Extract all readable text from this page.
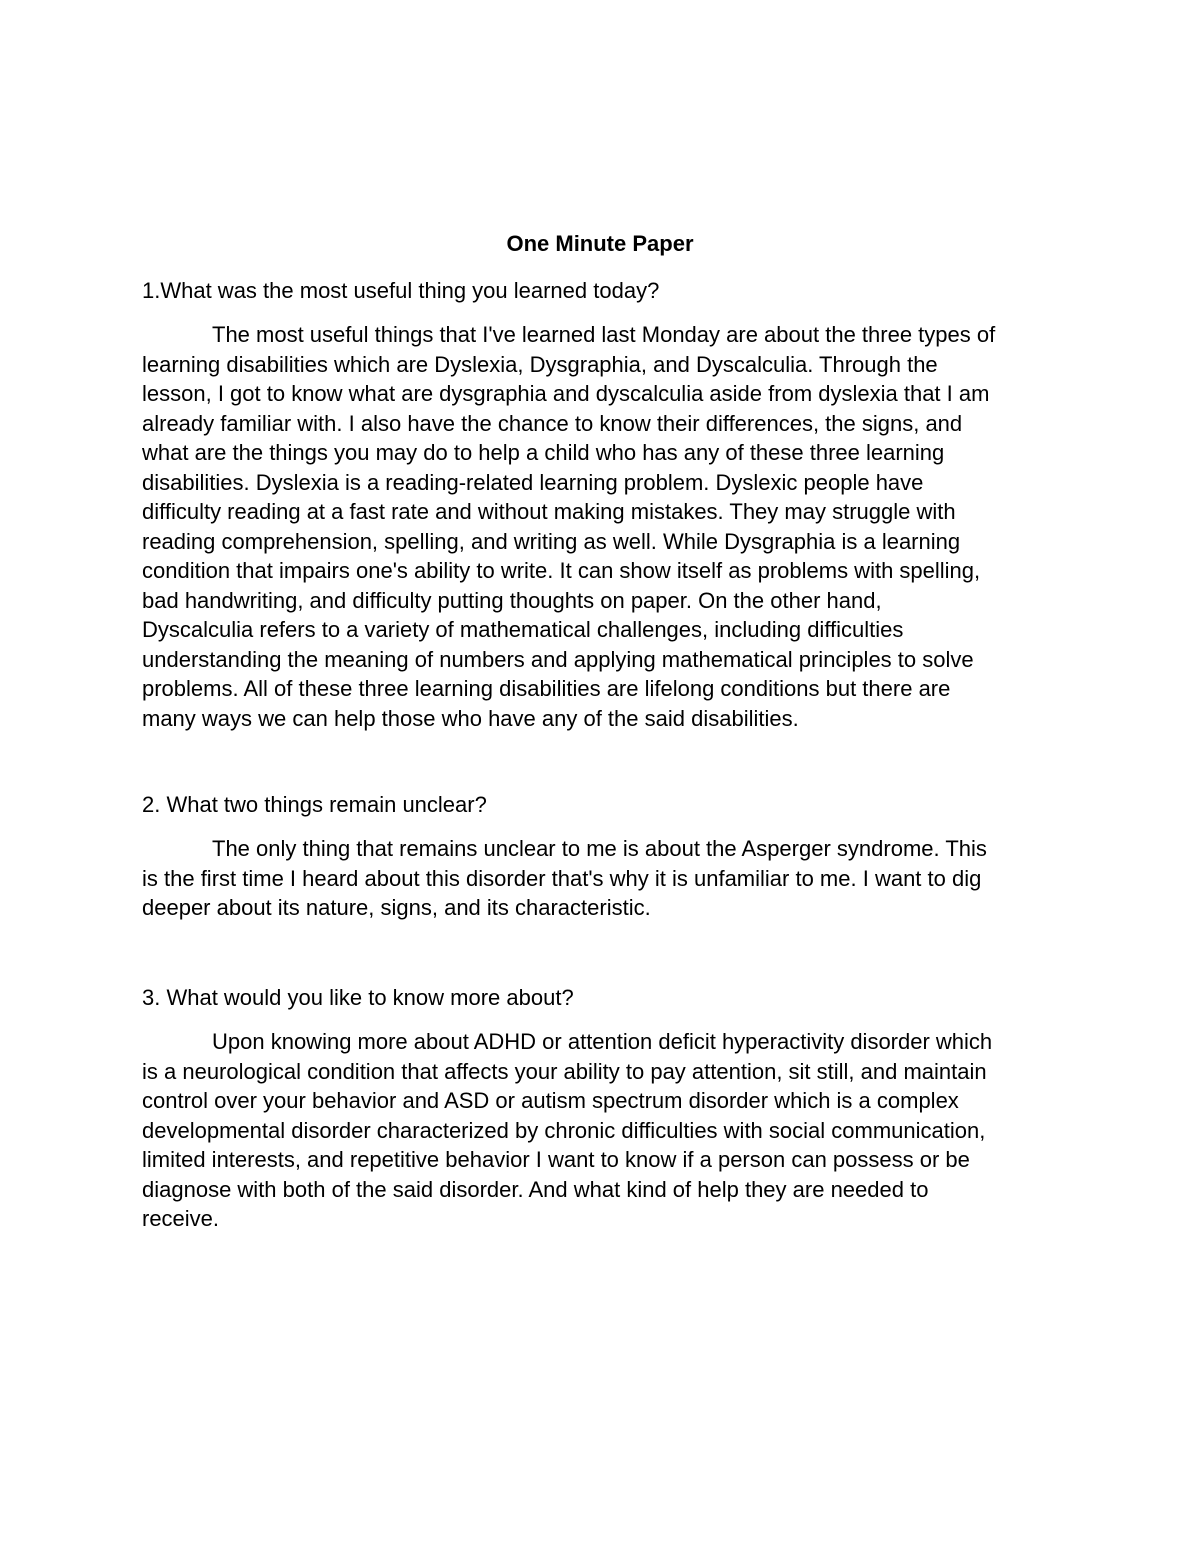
One Minute Paper

1.What was the most useful thing you learned today?

The most useful things that I've learned last Monday are about the three types of
learning disabilities which are Dyslexia, Dysgraphia, and Dyscalculia. Through the
lesson, I got to know what are dysgraphia and dyscalculia aside from dyslexia that I am
already familiar with. I also have the chance to know their differences, the signs, and
what are the things you may do to help a child who has any of these three learning
disabilities. Dyslexia is a reading-related learning problem. Dyslexic people have
difficulty reading at a fast rate and without making mistakes. They may struggle with
reading comprehension, spelling, and writing as well. While Dysgraphia is a learning
condition that impairs one's ability to write. It can show itself as problems with spelling,
bad handwriting, and difficulty putting thoughts on paper. On the other hand,
Dyscalculia refers to a variety of mathematical challenges, including difficulties
understanding the meaning of numbers and applying mathematical principles to solve
problems. All of these three learning disabilities are lifelong conditions but there are
many ways we can help those who have any of the said disabilities.

2. What two things remain unclear?

The only thing that remains unclear to me is about the Asperger syndrome. This
is the first time I heard about this disorder that's why it is unfamiliar to me. I want to dig
deeper about its nature, signs, and its characteristic.

3. What would you like to know more about?

Upon knowing more about ADHD or attention deficit hyperactivity disorder which
is a neurological condition that affects your ability to pay attention, sit still, and maintain
control over your behavior and ASD or autism spectrum disorder which is a complex
developmental disorder characterized by chronic difficulties with social communication,
limited interests, and repetitive behavior I want to know if a person can possess or be
diagnose with both of the said disorder. And what kind of help they are needed to
receive.
